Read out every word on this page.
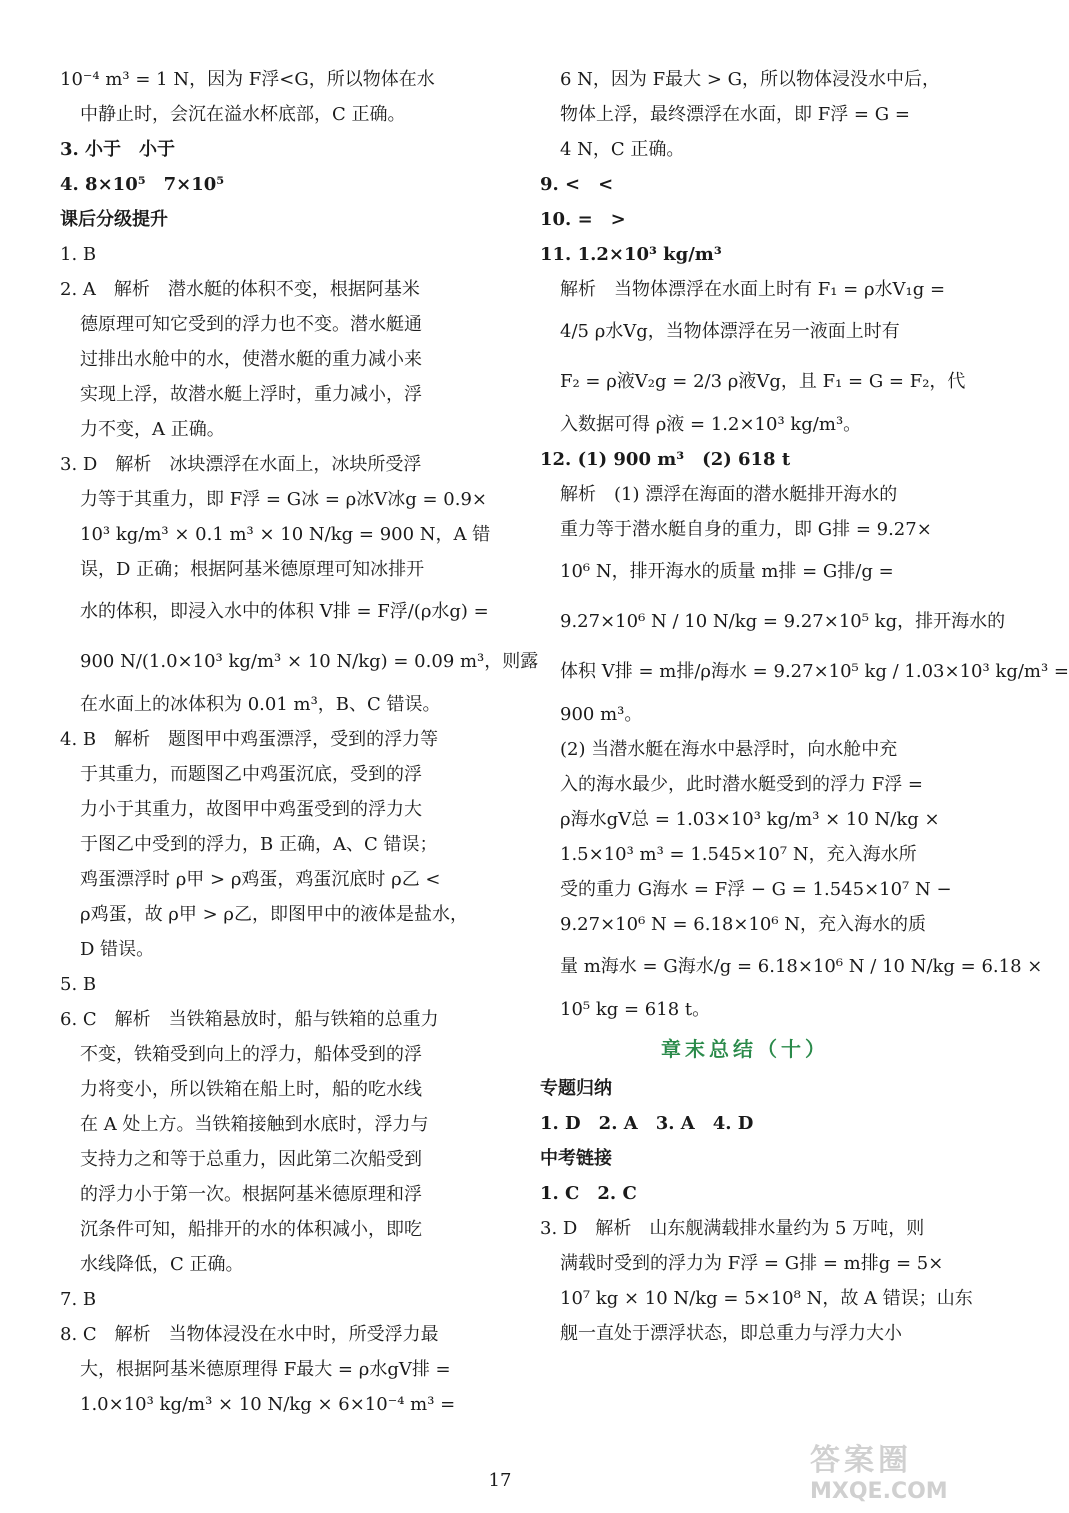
10⁻⁴ m³ = 1 N，因为 F浮<G，所以物体在水
中静止时，会沉在溢水杯底部，C 正确。
3. 小于　小于
4. 8×10⁵　7×10⁵
课后分级提升
1. B
2. A　解析　潜水艇的体积不变，根据阿基米
德原理可知它受到的浮力也不变。潜水艇通
过排出水舱中的水，使潜水艇的重力减小来
实现上浮，故潜水艇上浮时，重力减小，浮
力不变，A 正确。
3. D　解析　冰块漂浮在水面上，冰块所受浮
力等于其重力，即 F浮 = G冰 = ρ冰V冰g = 0.9×
10³ kg/m³ × 0.1 m³ × 10 N/kg = 900 N，A 错
误，D 正确；根据阿基米德原理可知冰排开
水的体积，即浸入水中的体积 V排 = F浮/(ρ水g) =
900 N/(1.0×10³ kg/m³ × 10 N/kg) = 0.09 m³，则露
在水面上的冰体积为 0.01 m³，B、C 错误。
4. B　解析　题图甲中鸡蛋漂浮，受到的浮力等
于其重力，而题图乙中鸡蛋沉底，受到的浮
力小于其重力，故图甲中鸡蛋受到的浮力大
于图乙中受到的浮力，B 正确，A、C 错误；
鸡蛋漂浮时 ρ甲 > ρ鸡蛋，鸡蛋沉底时 ρ乙 <
ρ鸡蛋，故 ρ甲 > ρ乙，即图甲中的液体是盐水，
D 错误。
5. B
6. C　解析　当铁箱悬放时，船与铁箱的总重力
不变，铁箱受到向上的浮力，船体受到的浮
力将变小，所以铁箱在船上时，船的吃水线
在 A 处上方。当铁箱接触到水底时，浮力与
支持力之和等于总重力，因此第二次船受到
的浮力小于第一次。根据阿基米德原理和浮
沉条件可知，船排开的水的体积减小，即吃
水线降低，C 正确。
7. B
8. C　解析　当物体浸没在水中时，所受浮力最
大，根据阿基米德原理得 F最大 = ρ水gV排 =
1.0×10³ kg/m³ × 10 N/kg × 6×10⁻⁴ m³ =
6 N，因为 F最大 > G，所以物体浸没水中后，
物体上浮，最终漂浮在水面，即 F浮 = G =
4 N，C 正确。
9. <　<
10. =　>
11. 1.2×10³ kg/m³
解析　当物体漂浮在水面上时有 F₁ = ρ水V₁g =
4/5 ρ水Vg，当物体漂浮在另一液面上时有
F₂ = ρ液V₂g = 2/3 ρ液Vg，且 F₁ = G = F₂，代
入数据可得 ρ液 = 1.2×10³ kg/m³。
12. (1) 900 m³　(2) 618 t
解析　(1) 漂浮在海面的潜水艇排开海水的
重力等于潜水艇自身的重力，即 G排 = 9.27×
10⁶ N，排开海水的质量 m排 = G排/g =
9.27×10⁶ N / 10 N/kg = 9.27×10⁵ kg，排开海水的
体积 V排 = m排/ρ海水 = 9.27×10⁵ kg / 1.03×10³ kg/m³ =
900 m³。
(2) 当潜水艇在海水中悬浮时，向水舱中充
入的海水最少，此时潜水艇受到的浮力 F浮 =
ρ海水gV总 = 1.03×10³ kg/m³ × 10 N/kg ×
1.5×10³ m³ = 1.545×10⁷ N，充入海水所
受的重力 G海水 = F浮 − G = 1.545×10⁷ N −
9.27×10⁶ N = 6.18×10⁶ N，充入海水的质
量 m海水 = G海水/g = 6.18×10⁶ N / 10 N/kg = 6.18 ×
10⁵ kg = 618 t。
章末总结（十）
专题归纳
1. D　2. A　3. A　4. D
中考链接
1. C　2. C
3. D　解析　山东舰满载排水量约为 5 万吨，则
满载时受到的浮力为 F浮 = G排 = m排g = 5×
10⁷ kg × 10 N/kg = 5×10⁸ N，故 A 错误；山东
舰一直处于漂浮状态，即总重力与浮力大小
17
答案圈
MXQE.COM
